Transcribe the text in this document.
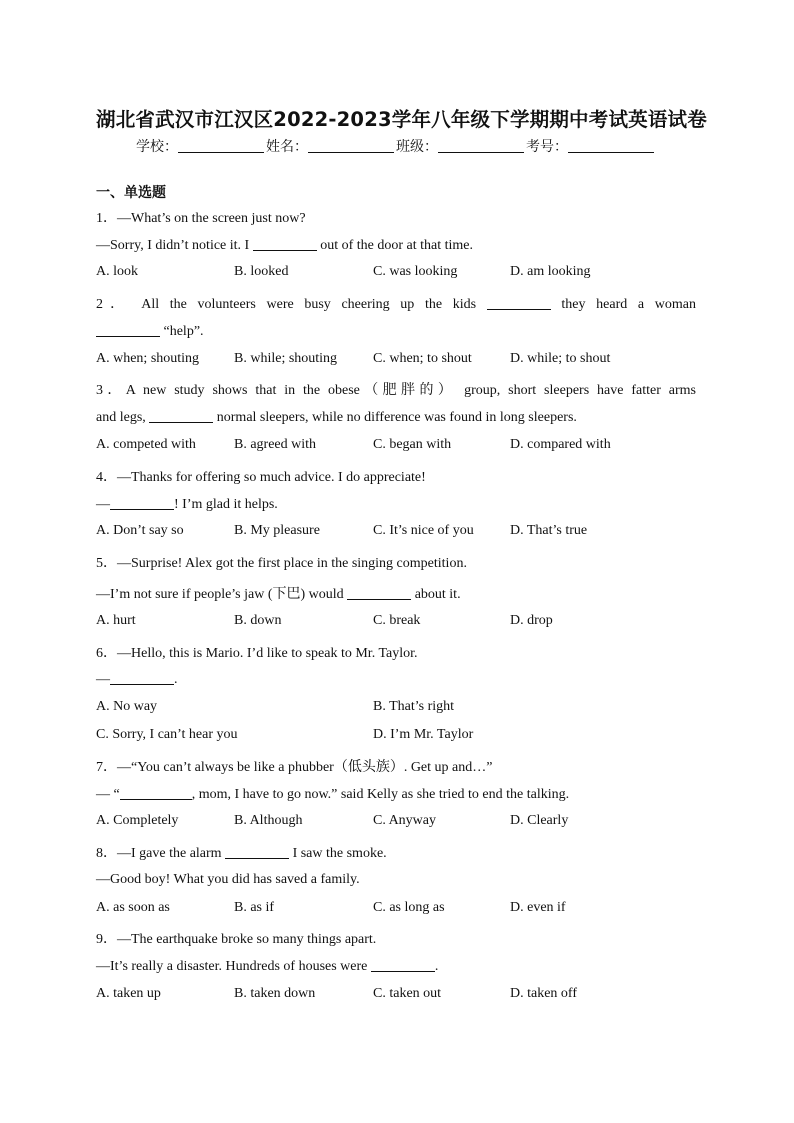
湖北省武汉市江汉区2022-2023学年八年级下学期期中考试英语试卷
学校：	姓名：	班级：	考号：
一、单选题
1．—What’s on the screen just now?
—Sorry, I didn’t notice it. I	out of the door at that time.
A. look	B. looked	C. was looking	D. am looking
2． All the volunteers were busy cheering up the kids	they heard a woman
“help”.
A. when; shouting B. while; shouting	C. when; to shout	D. while; to shout
3．A new study shows that in the obese（肥胖的） group, short sleepers have fatter arms
and legs,	normal sleepers, while no difference was found in long sleepers.
A. competed with	B. agreed with	C. began with	D. compared with
4．—Thanks for offering so much advice. I do appreciate!
—	! I’m glad it helps.
A. Don’t say so	B. My pleasure	C. It’s nice of you	D. That’s true
5．—Surprise! Alex got the first place in the singing competition.
—I’m not sure if people’s jaw (下巴) would	about it.
A. hurt	B. down	C. break	D. drop
6．—Hello, this is Mario. I’d like to speak to Mr. Taylor.
—	.
A. No way	B. That’s right
C. Sorry, I can’t hear you	D. I’m Mr. Taylor
7．—“You can’t always be like a phubber（低头族）. Get up and…”
— “	, mom, I have to go now.” said Kelly as she tried to end the talking.
A. Completely	B. Although	C. Anyway	D. Clearly
8．—I gave the alarm	I saw the smoke.
—Good boy! What you did has saved a family.
A. as soon as	B. as if	C. as long as	D. even if
9．—The earthquake broke so many things apart.
—It’s really a disaster. Hundreds of houses were	.
A. taken up	B. taken down	C. taken out	D. taken off
